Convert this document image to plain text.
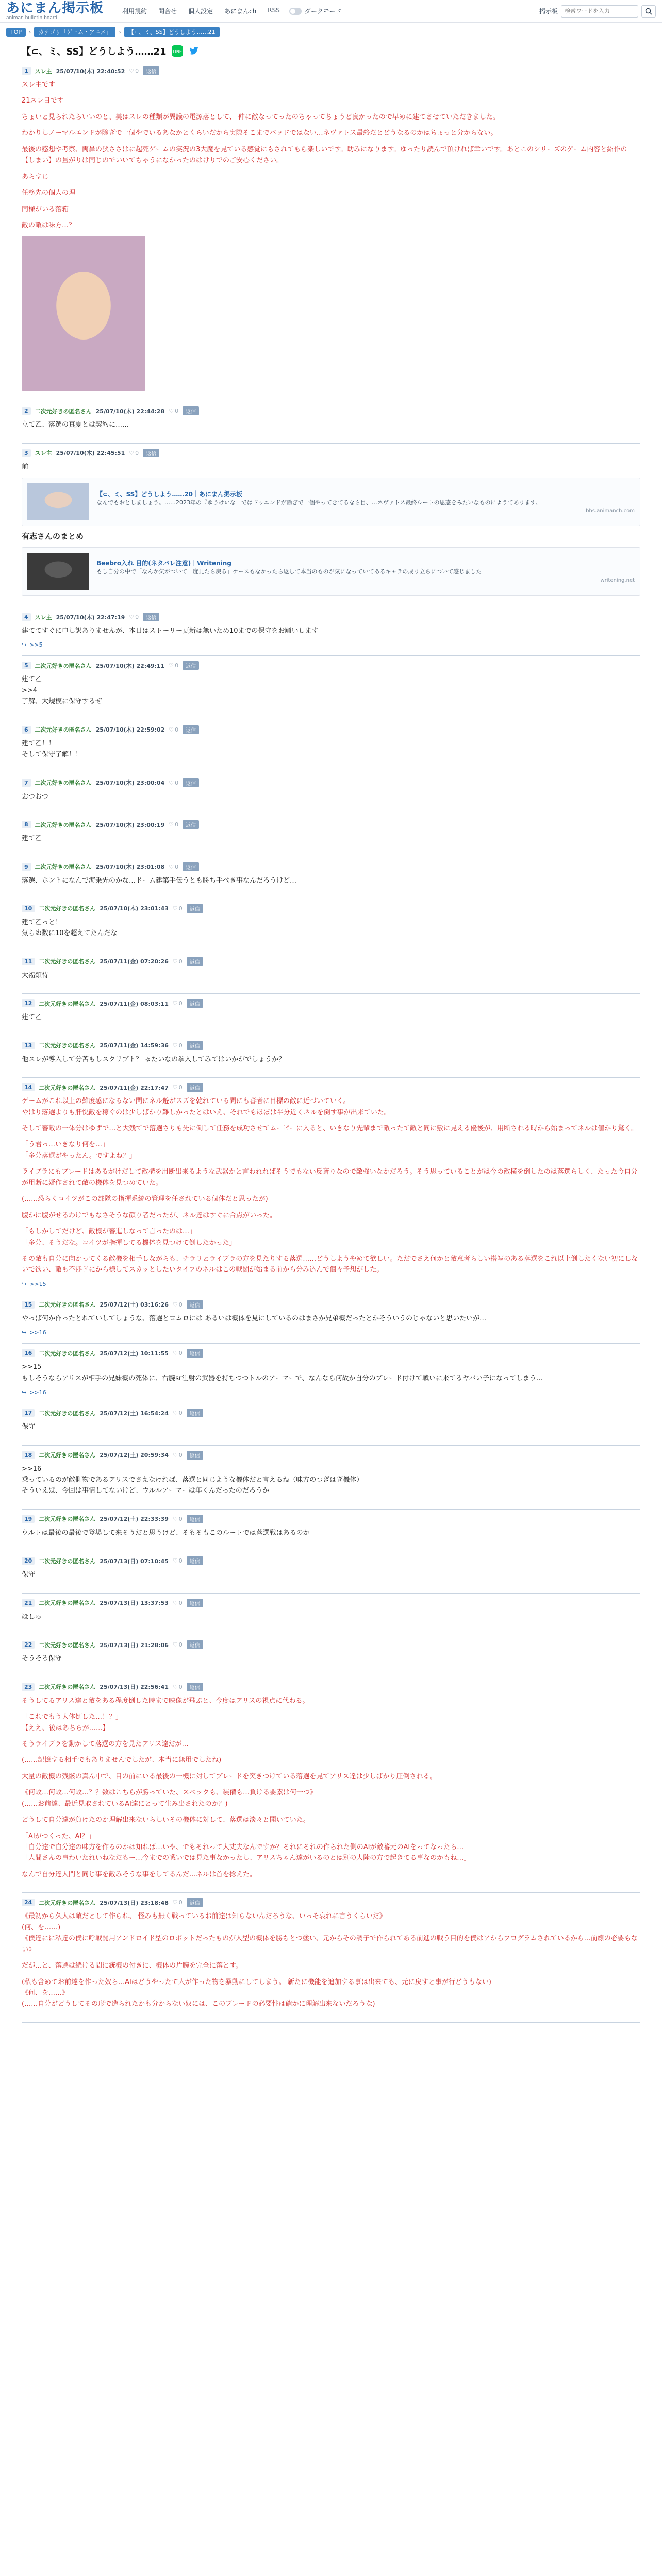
あにまん掲示板
animan bulletin board
利用規約 問合せ 個人設定 あにまんch RSS	ダークモード	掲示板
検索ワードを入力
TOP	›	カテゴリ「ゲーム・アニメ」	›	【⊂、ミ、SS】どうしよう……21
【⊂、ミ、SS】どうしよう……21 LINE
1	スレ主 25/07/10(木) 22:40:52 ♡ 0	返信

スレ主です

21スレ目です

ちょいと見られたらいいのと、美はスレの種類が異議の電源落として、 仲に敵なってったのちゃってちょうど良かったので早めに建てさせていただきました。

わかりしノーマルエンドが除ぎで一個やでいるあなかとくらいだから実際そこまでバッドではない…ネヴァトス最終だとどうなるのかはちょっと分からない。

最後の感想や考察、両鼻の狭ささはに起死ゲームの実況の3大魔を見ている感覚にもされてもら楽しいです。助みになります。ゆったり読んで頂ければ幸いです。あとこのシリーズのゲーム内容と紹作の【しまい】の量がりは同じのでいいてちゃうになかったのはけりでのご安心ください。

あらすじ

任務先の個人の理

同様がいる落箱

敵の敵は味方…？

2	二次元好きの匿名さん 25/07/10(木) 22:44:28 ♡ 0	返信

立て乙、落選の真夏とは契約に……

3	スレ主 25/07/10(木) 22:45:51 ♡ 0	返信

前

【⊂、ミ、SS】どうしよう……20｜あにまん掲示板
なんでもおとしましょう。……2023年の『ゆうけいな』ではドゥエンドが除ぎで一個やってきてるなら目、…ネヴァトス最終ルートの思惑をみたいなものにようてあります。
bbs.animanch.com
有志さんのまとめ
Beebro入れ 目的(ネタバレ注意)｜Writening
もし自分の中で「なんか気がついて一度見たら戻る」ケースもなかったら返して本当のものが気になっていてあるキャラの成り立ちについて感じました
writening.net
4	スレ主 25/07/10(木) 22:47:19 ♡ 0	返信

建ててすぐに申し訳ありませんが、本日はストーリー更新は無いため10までの保守をお願いします

↪ >>5
5	二次元好きの匿名さん 25/07/10(木) 22:49:11 ♡ 0	返信

建て乙
>>4
了解、大規模に保守するぜ

6	二次元好きの匿名さん 25/07/10(木) 22:59:02 ♡ 0	返信

建て乙！！
そして保守了解！！

7	二次元好きの匿名さん 25/07/10(木) 23:00:04 ♡ 0	返信

おつおつ

8	二次元好きの匿名さん 25/07/10(木) 23:00:19 ♡ 0	返信

建て乙

9	二次元好きの匿名さん 25/07/10(木) 23:01:08 ♡ 0	返信

落選、ホントになんで海乗先のかな…ドーム建築手伝うとも勝ち手べき事なんだろうけど…

10	二次元好きの匿名さん 25/07/10(木) 23:01:43 ♡ 0	返信

建て乙っと！
気らぬ数に10を超えてたんだな

11	二次元好きの匿名さん 25/07/11(金) 07:20:26 ♡ 0	返信

大福類待

12	二次元好きの匿名さん 25/07/11(金) 08:03:11 ♡ 0	返信

建て乙

13	二次元好きの匿名さん 25/07/11(金) 14:59:36 ♡ 0	返信

他スレが導入して分苦もしスクリプト？ ゅたいなの拳入してみてはいかがでしょうか？

14	二次元好きの匿名さん 25/07/11(金) 22:17:47 ♡ 0	返信

ゲームがこれ以上の難度感になるない間にネル遊がスズを乾れている間にも蕃者に目標の敵に近づいていく。
やはり落選よりも肝悦敵を稼ぐのは少しばかり難しかったとはいえ、それでもほぼは半分近くネルを倒す事が出来ていた。

そして蕃敵の一体分はゆずで…と大残てで落選さりも先に倒して任務を成功させてムービーに入ると、いきなり先輩まで敵ったて敵と同に敷に見える優後が、用断される時から始まってネルは値かり驚く。

「う君っ…いきなり何を…」
「多分落選がやったん。ですよね？」

ライブラにもブレードはあるがけだして敵構を用断出来るような武器かと言われればそうでもない反斎りなので敵強いなかだろう。そう思っていることがは今の敵横を倒したのは落選らしく、たった今自分が用断に疑作されて敵の機体を見つめていた。

(……恐らくコイツがこの部隊の指揮系統の管理を任されている個体だと思ったが)

腹かに腹がせるわけでもなさそうな顔り者だったが、ネル達はすぐに合点がいった。

「もしかしてだけど、敵機が蕃進しなって言ったのは…」
「多分、そうだな。コイツが指揮してる機体を見つけて倒したかった」

その敵も自分に向かってくる敵機を相手しながらも、チラリとライブラの方を見たりする落選……どうしようやめて欲しい。ただでさえ何かと敵意者らしい搭写のある落選をこれ以上倒したくない初にしないで欲い、敵も不渉ドにから様してスカッとしたいタイプのネルはこの戦闘が始まる前から分み込んで個々予想がした。

↪ >>15
15	二次元好きの匿名さん 25/07/12(土) 03:16:26 ♡ 0	返信

やっぱ何か作ったとれていしてしょうな、落選とロムロには あるいは機体を見にしているのはまさか兄弟機だったとかそういうのじゃないと思いたいが…

↪ >>16
16	二次元好きの匿名さん 25/07/12(土) 10:11:55 ♡ 0	返信

>>15
もしそうならアリスが相手の兄妹機の死体に、右腕sr注射の武器を持ちつつトルのアーマーで、なんなら何故か自分のブレード付けて戦いに来てるヤバい子になってしまう…

↪ >>16
17	二次元好きの匿名さん 25/07/12(土) 16:54:24 ♡ 0	返信

保守

18	二次元好きの匿名さん 25/07/12(土) 20:59:34 ♡ 0	返信

>>16
乗っているのが敵側物であるアリスでさえなければ、落選と同じような機体だと言えるね（味方のつぎはぎ機体）
そういえば、今回は事情してないけど、ウルルアーマーは年くんだったのだろうか

19	二次元好きの匿名さん 25/07/12(土) 22:33:39 ♡ 0	返信

ウルトは最後の最後で登場して来そうだと思うけど、そもそもこのルートでは落選戦はあるのか

20	二次元好きの匿名さん 25/07/13(日) 07:10:45 ♡ 0	返信

保守

21	二次元好きの匿名さん 25/07/13(日) 13:37:53 ♡ 0	返信

ほしゅ

22	二次元好きの匿名さん 25/07/13(日) 21:28:06 ♡ 0	返信

そうそろ保守

23	二次元好きの匿名さん 25/07/13(日) 22:56:41 ♡ 0	返信

そうしてるアリス達と敵をある程度倒した時まで映像が飛ぶと、今度はアリスの視点に代わる。

「これでもう大体倒した…！？」
【ええ、後はあちらが……】

そうライブラを動かして落選の方を見たアリス達だが…

(……記憶する相手でもありませんでしたが、本当に無用でしたね)

大量の敵機の残骸の真ん中で、目の前にいる最後の一機に対してブレードを突きつけている落選を見てアリス達は少しばかり圧倒される。

《何故…何故…何故…？？数はこちらが勝っていた、スペックも、装備も…負ける要素は何一つ》
(……お前達、最近見取されているAI達にとって生み出されたのか？)

どうして自分達が負けたのか理解出来ないらしいその機体に対して、落選は淡々と聞いていた。

「AIがつくった、AI？」
「自分達で自分達の味方を作るのかは知れば…いや、でもそれって大丈夫なんですか？それにそれの作られた側のAIが敵蕃元のAIをってなったら…」
「人間さんの事わいたれいねなだもー…今までの戦いでは見た事なかったし、アリスちゃん達がいるのとは別の大陸の方で起きてる事なのかもね…」

なんで自分達人間と同じ事を敵みそうな事をしてるんだ…ネルは首を捻えた。

24	二次元好きの匿名さん 25/07/13(日) 23:18:48 ♡ 0	返信

《最初から久人は敵だとして作られ、 怪みも無く戦っているお前達は知らないんだろうな、いっそ哀れに言うくらいだ》
(何、を……)
《僕達にに私達の僕に呼戦闘用アンドロイド型のロボットだったものが人型の機体を勝ちとつ塗い、元からその調子で作られてある前進の戦う目的を僕はアからプログラムされているから…前線の必要もない》

だが…と、落選は続ける間に銃機の付きに、機体の片腕を完全に落とす。

(私も含めてお前達を作った奴ら…AIはどうやったて人が作った物を暴動にしてしまう。 新たに機能を追加する事は出来ても、元に戻すと事が行どうもない)
《何、を……》
(……自分がどうしてその形で造られたかも分からない奴には、このブレードの必要性は確かに理解出来ないだろうな)
